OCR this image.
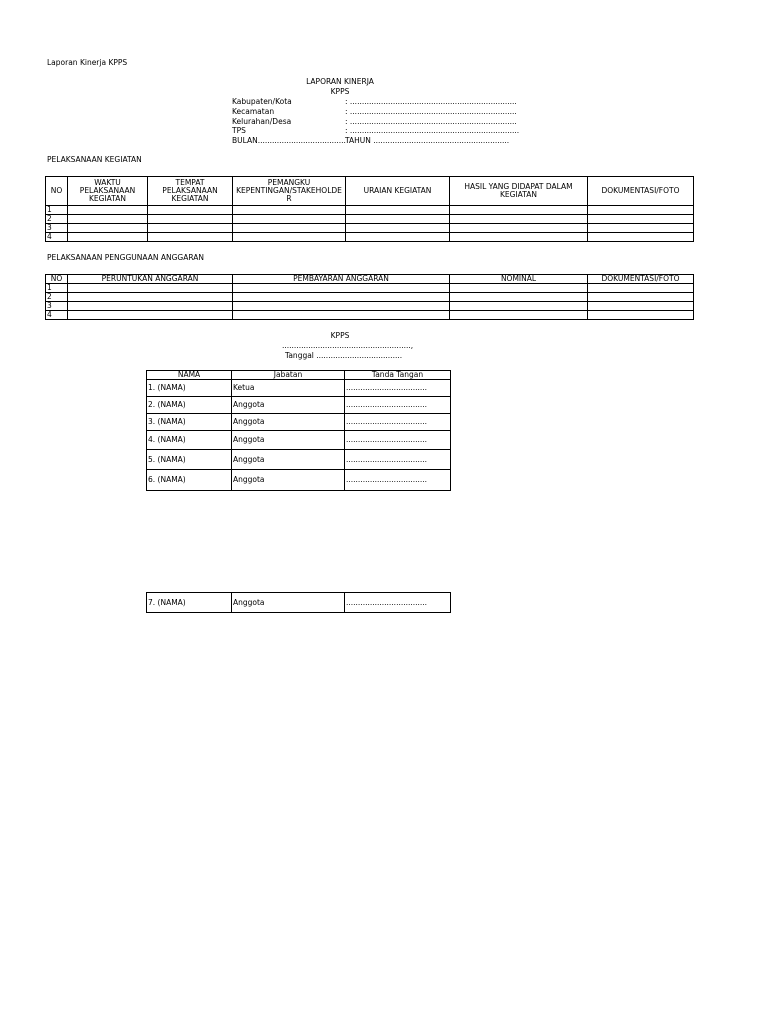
Laporan Kinerja KPPS
LAPORAN KINERJA
KPPS
Kabupaten/Kota	: ......................................................................
Kecamatan	: ......................................................................
Kelurahan/Desa	: ......................................................................
TPS	: .......................................................................
BULAN.....................................TAHUN .........................................................
PELAKSANAAN KEGIATAN
NO	WAKTU PELAKSANAAN KEGIATAN	TEMPAT PELAKSANAAN KEGIATAN	PEMANGKU KEPENTINGAN/STAKEHOLDE R	URAIAN KEGIATAN	HASIL YANG DIDAPAT DALAM KEGIATAN	DOKUMENTASI/FOTO
1						
2						
3						
4						
PELAKSANAAN PENGGUNAAN ANGGARAN
NO	PERUNTUKAN ANGGARAN	PEMBAYARAN ANGGARAN	NOMINAL	DOKUMENTASI/FOTO
1				
2				
3				
4				
KPPS
......................................................,
Tanggal ....................................
NAMA	Jabatan	Tanda Tangan
1. (NAMA)	Ketua	..................................
2. (NAMA)	Anggota	..................................
3. (NAMA)	Anggota	..................................
4. (NAMA)	Anggota	..................................
5. (NAMA)	Anggota	..................................
6. (NAMA)	Anggota	..................................
7. (NAMA)	Anggota	..................................
